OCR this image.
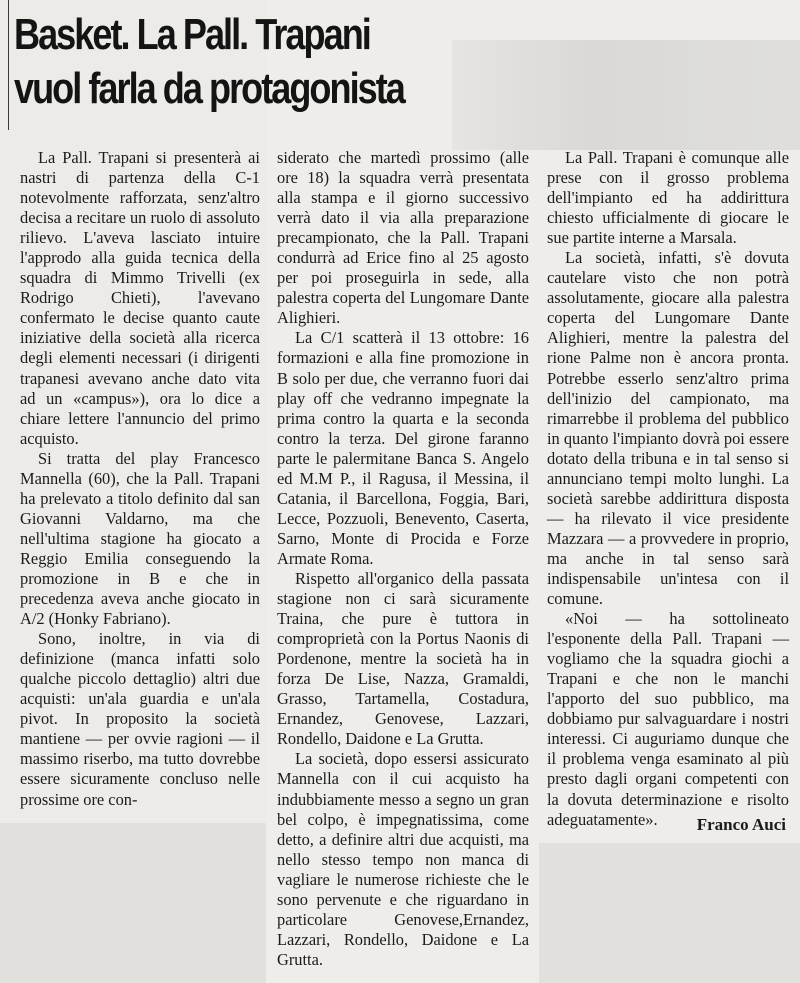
Basket. La Pall. Trapani
vuol farla da protagonista

La Pall. Trapani si presenterà ai nastri di partenza della C-1 notevolmente rafforzata, senz'altro decisa a recitare un ruolo di assoluto rilievo. L'aveva lasciato intuire l'approdo alla guida tecnica della squadra di Mimmo Trivelli (ex Rodrigo Chieti), l'avevano confermato le decise quanto caute iniziative della società alla ricerca degli elementi necessari (i dirigenti trapanesi avevano anche dato vita ad un «campus»), ora lo dice a chiare lettere l'annuncio del primo acquisto.

Si tratta del play Francesco Mannella (60), che la Pall. Trapani ha prelevato a titolo definito dal san Giovanni Valdarno, ma che nell'ultima stagione ha giocato a Reggio Emilia conseguendo la promozione in B e che in precedenza aveva anche giocato in A/2 (Honky Fabriano).

Sono, inoltre, in via di definizione (manca infatti solo qualche piccolo dettaglio) altri due acquisti: un'ala guardia e un'ala pivot. In proposito la società mantiene — per ovvie ragioni — il massimo riserbo, ma tutto dovrebbe essere sicuramente concluso nelle prossime ore con-

siderato che martedì prossimo (alle ore 18) la squadra verrà presentata alla stampa e il giorno successivo verrà dato il via alla preparazione precampionato, che la Pall. Trapani condurrà ad Erice fino al 25 agosto per poi proseguirla in sede, alla palestra coperta del Lungomare Dante Alighieri.

La C/1 scatterà il 13 ottobre: 16 formazioni e alla fine promozione in B solo per due, che verranno fuori dai play off che vedranno impegnate la prima contro la quarta e la seconda contro la terza. Del girone faranno parte le palermitane Banca S. Angelo ed M.M P., il Ragusa, il Messina, il Catania, il Barcellona, Foggia, Bari, Lecce, Pozzuoli, Benevento, Caserta, Sarno, Monte di Procida e Forze Armate Roma.

Rispetto all'organico della passata stagione non ci sarà sicuramente Traina, che pure è tuttora in comproprietà con la Portus Naonis di Pordenone, mentre la società ha in forza De Lise, Nazza, Gramaldi, Grasso, Tartamella, Costadura, Ernandez, Genovese, Lazzari, Rondello, Daidone e La Grutta.

La società, dopo essersi assicurato Mannella con il cui acquisto ha indubbiamente messo a segno un gran bel colpo, è impegnatissima, come detto, a definire altri due acquisti, ma nello stesso tempo non manca di vagliare le numerose richieste che le sono pervenute e che riguardano in particolare Genovese,Ernandez, Lazzari, Rondello, Daidone e La Grutta.

La Pall. Trapani è comunque alle prese con il grosso problema dell'impianto ed ha addirittura chiesto ufficialmente di giocare le sue partite interne a Marsala.

La società, infatti, s'è dovuta cautelare visto che non potrà assolutamente, giocare alla palestra coperta del Lungomare Dante Alighieri, mentre la palestra del rione Palme non è ancora pronta. Potrebbe esserlo senz'altro prima dell'inizio del campionato, ma rimarrebbe il problema del pubblico in quanto l'impianto dovrà poi essere dotato della tribuna e in tal senso si annunciano tempi molto lunghi. La società sarebbe addirittura disposta — ha rilevato il vice presidente Mazzara — a provvedere in proprio, ma anche in tal senso sarà indispensabile un'intesa con il comune.

«Noi — ha sottolineato l'esponente della Pall. Trapani — vogliamo che la squadra giochi a Trapani e che non le manchi l'apporto del suo pubblico, ma dobbiamo pur salvaguardare i nostri interessi. Ci auguriamo dunque che il problema venga esaminato al più presto dagli organi competenti con la dovuta determinazione e risolto adeguatamente».	Franco Auci
